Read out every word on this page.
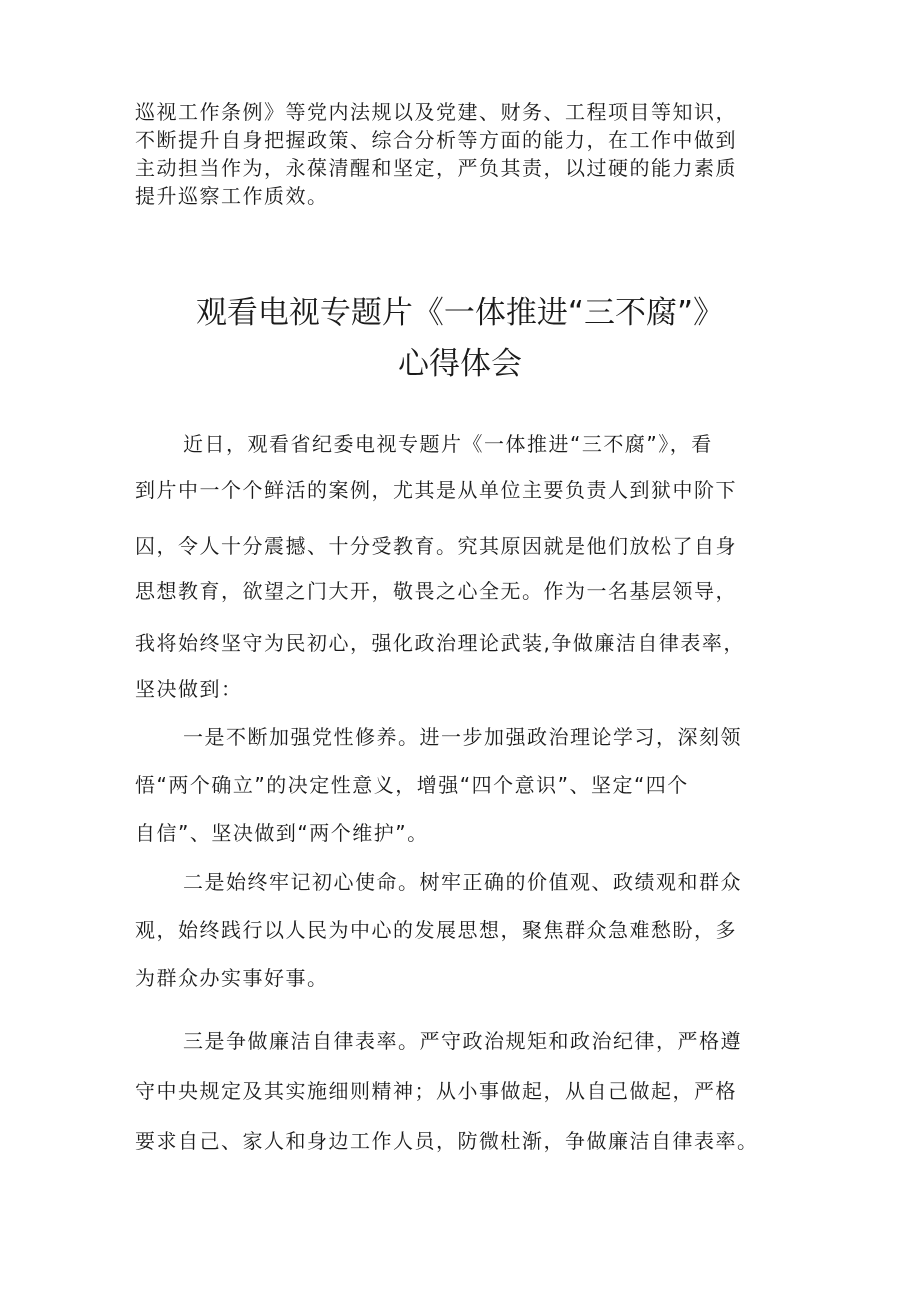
巡视工作条例》等党内法规以及党建、财务、工程项目等知识，
不断提升自身把握政策、综合分析等方面的能力，在工作中做到
主动担当作为，永葆清醒和坚定，严负其责，以过硬的能力素质
提升巡察工作质效。
观看电视专题片《一体推进“三不腐”》
心得体会
近日，观看省纪委电视专题片《一体推进“三不腐”》，看
到片中一个个鲜活的案例，尤其是从单位主要负责人到狱中阶下
囚，令人十分震撼、十分受教育。究其原因就是他们放松了自身
思想教育，欲望之门大开，敬畏之心全无。作为一名基层领导，
我将始终坚守为民初心，强化政治理论武装,争做廉洁自律表率，
坚决做到：
一是不断加强党性修养。进一步加强政治理论学习，深刻领
悟“两个确立”的决定性意义，增强“四个意识”、坚定“四个
自信”、坚决做到“两个维护”。
二是始终牢记初心使命。树牢正确的价值观、政绩观和群众
观，始终践行以人民为中心的发展思想，聚焦群众急难愁盼，多
为群众办实事好事。
三是争做廉洁自律表率。严守政治规矩和政治纪律，严格遵
守中央规定及其实施细则精神；从小事做起，从自己做起，严格
要求自己、家人和身边工作人员，防微杜渐，争做廉洁自律表率。
